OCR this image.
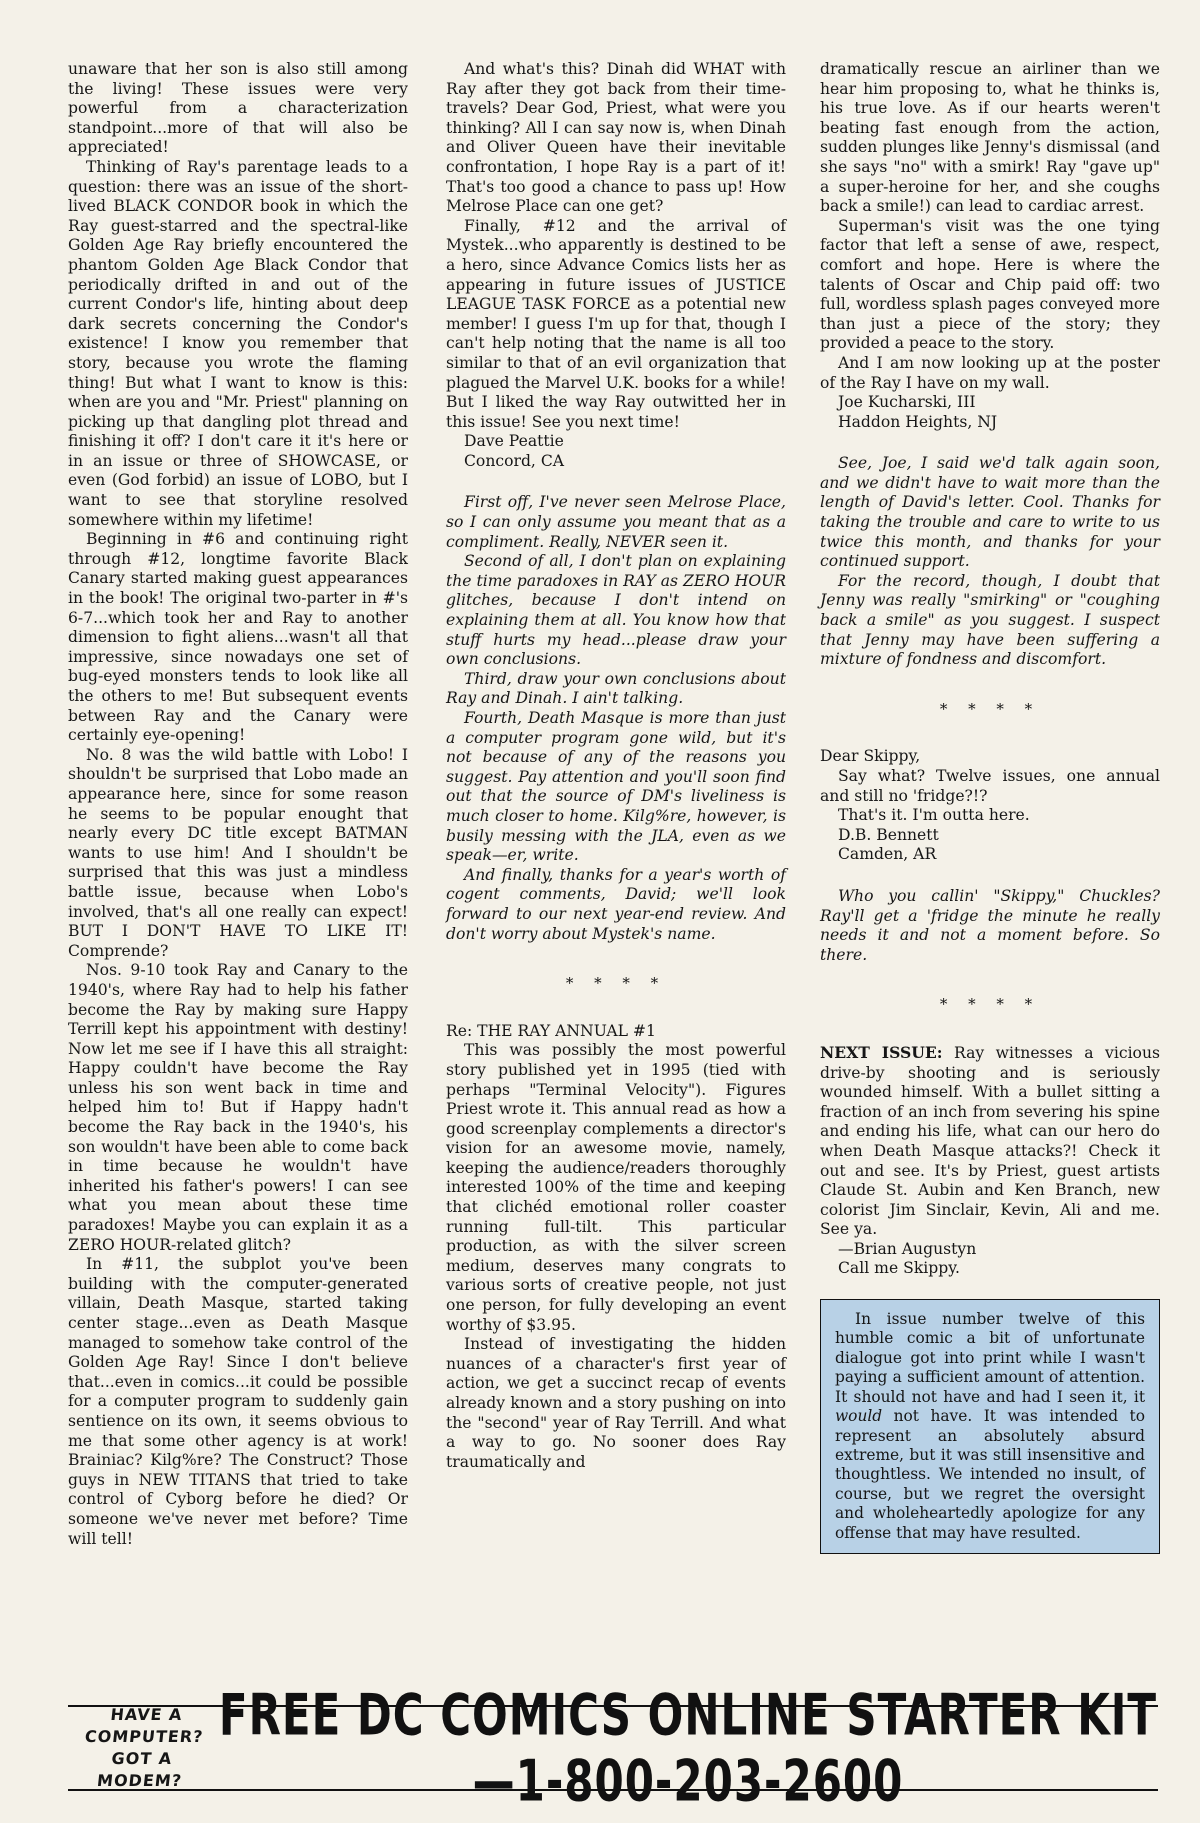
unaware that her son is also still among the living! These issues were very powerful from a characterization standpoint...more of that will also be appreciated!

Thinking of Ray's parentage leads to a question: there was an issue of the short-lived BLACK CONDOR book in which the Ray guest-starred and the spectral-like Golden Age Ray briefly encountered the phantom Golden Age Black Condor that periodically drifted in and out of the current Condor's life, hinting about deep dark secrets concerning the Condor's existence! I know you remember that story, because you wrote the flaming thing! But what I want to know is this: when are you and "Mr. Priest" planning on picking up that dangling plot thread and finishing it off? I don't care it it's here or in an issue or three of SHOWCASE, or even (God forbid) an issue of LOBO, but I want to see that storyline resolved somewhere within my lifetime!

Beginning in #6 and continuing right through #12, longtime favorite Black Canary started making guest appearances in the book! The original two-parter in #'s 6-7...which took her and Ray to another dimension to fight aliens...wasn't all that impressive, since nowadays one set of bug-eyed monsters tends to look like all the others to me! But subsequent events between Ray and the Canary were certainly eye-opening!

No. 8 was the wild battle with Lobo! I shouldn't be surprised that Lobo made an appearance here, since for some reason he seems to be popular enought that nearly every DC title except BATMAN wants to use him! And I shouldn't be surprised that this was just a mindless battle issue, because when Lobo's involved, that's all one really can expect! BUT I DON'T HAVE TO LIKE IT! Comprende?

Nos. 9-10 took Ray and Canary to the 1940's, where Ray had to help his father become the Ray by making sure Happy Terrill kept his appointment with destiny! Now let me see if I have this all straight: Happy couldn't have become the Ray unless his son went back in time and helped him to! But if Happy hadn't become the Ray back in the 1940's, his son wouldn't have been able to come back in time because he wouldn't have inherited his father's powers! I can see what you mean about these time paradoxes! Maybe you can explain it as a ZERO HOUR-related glitch?

In #11, the subplot you've been building with the computer-generated villain, Death Masque, started taking center stage...even as Death Masque managed to somehow take control of the Golden Age Ray! Since I don't believe that...even in comics...it could be possible for a computer program to suddenly gain sentience on its own, it seems obvious to me that some other agency is at work! Brainiac? Kilg%re? The Construct? Those guys in NEW TITANS that tried to take control of Cyborg before he died? Or someone we've never met before? Time will tell!

And what's this? Dinah did WHAT with Ray after they got back from their time-travels? Dear God, Priest, what were you thinking? All I can say now is, when Dinah and Oliver Queen have their inevitable confrontation, I hope Ray is a part of it! That's too good a chance to pass up! How Melrose Place can one get?

Finally, #12 and the arrival of Mystek...who apparently is destined to be a hero, since Advance Comics lists her as appearing in future issues of JUSTICE LEAGUE TASK FORCE as a potential new member! I guess I'm up for that, though I can't help noting that the name is all too similar to that of an evil organization that plagued the Marvel U.K. books for a while! But I liked the way Ray outwitted her in this issue! See you next time!

Dave Peattie

Concord, CA

First off, I've never seen Melrose Place, so I can only assume you meant that as a compliment. Really, NEVER seen it.

Second of all, I don't plan on explaining the time paradoxes in RAY as ZERO HOUR glitches, because I don't intend on explaining them at all. You know how that stuff hurts my head...please draw your own conclusions.

Third, draw your own conclusions about Ray and Dinah. I ain't talking.

Fourth, Death Masque is more than just a computer program gone wild, but it's not because of any of the reasons you suggest. Pay attention and you'll soon find out that the source of DM's liveliness is much closer to home. Kilg%re, however, is busily messing with the JLA, even as we speak—er, write.

And finally, thanks for a year's worth of cogent comments, David; we'll look forward to our next year-end review. And don't worry about Mystek's name.

* * * *

Re: THE RAY ANNUAL #1

This was possibly the most powerful story published yet in 1995 (tied with perhaps "Terminal Velocity"). Figures Priest wrote it. This annual read as how a good screenplay complements a director's vision for an awesome movie, namely, keeping the audience/readers thoroughly interested 100% of the time and keeping that clichéd emotional roller coaster running full-tilt. This particular production, as with the silver screen medium, deserves many congrats to various sorts of creative people, not just one person, for fully developing an event worthy of $3.95.

Instead of investigating the hidden nuances of a character's first year of action, we get a succinct recap of events already known and a story pushing on into the "second" year of Ray Terrill. And what a way to go. No sooner does Ray traumatically and

dramatically rescue an airliner than we hear him proposing to, what he thinks is, his true love. As if our hearts weren't beating fast enough from the action, sudden plunges like Jenny's dismissal (and she says "no" with a smirk! Ray "gave up" a super-heroine for her, and she coughs back a smile!) can lead to cardiac arrest.

Superman's visit was the one tying factor that left a sense of awe, respect, comfort and hope. Here is where the talents of Oscar and Chip paid off: two full, wordless splash pages conveyed more than just a piece of the story; they provided a peace to the story.

And I am now looking up at the poster of the Ray I have on my wall.

Joe Kucharski, III

Haddon Heights, NJ

See, Joe, I said we'd talk again soon, and we didn't have to wait more than the length of David's letter. Cool. Thanks for taking the trouble and care to write to us twice this month, and thanks for your continued support.

For the record, though, I doubt that Jenny was really "smirking" or "coughing back a smile" as you suggest. I suspect that Jenny may have been suffering a mixture of fondness and discomfort.

* * * *

Dear Skippy,

Say what? Twelve issues, one annual and still no 'fridge?!?

That's it. I'm outta here.

D.B. Bennett

Camden, AR

Who you callin' "Skippy," Chuckles? Ray'll get a 'fridge the minute he really needs it and not a moment before. So there.

* * * *

NEXT ISSUE: Ray witnesses a vicious drive-by shooting and is seriously wounded himself. With a bullet sitting a fraction of an inch from severing his spine and ending his life, what can our hero do when Death Masque attacks?! Check it out and see. It's by Priest, guest artists Claude St. Aubin and Ken Branch, new colorist Jim Sinclair, Kevin, Ali and me. See ya.

—Brian Augustyn

Call me Skippy.

In issue number twelve of this humble comic a bit of unfortunate dialogue got into print while I wasn't paying a sufficient amount of attention. It should not have and had I seen it, it would not have. It was intended to represent an absolutely absurd extreme, but it was still insensitive and thoughtless. We intended no insult, of course, but we regret the oversight and wholeheartedly apologize for any offense that may have resulted.
HAVE A COMPUTER?
GOT A MODEM?
FREE DC COMICS ONLINE STARTER KIT—1-800-203-2600
